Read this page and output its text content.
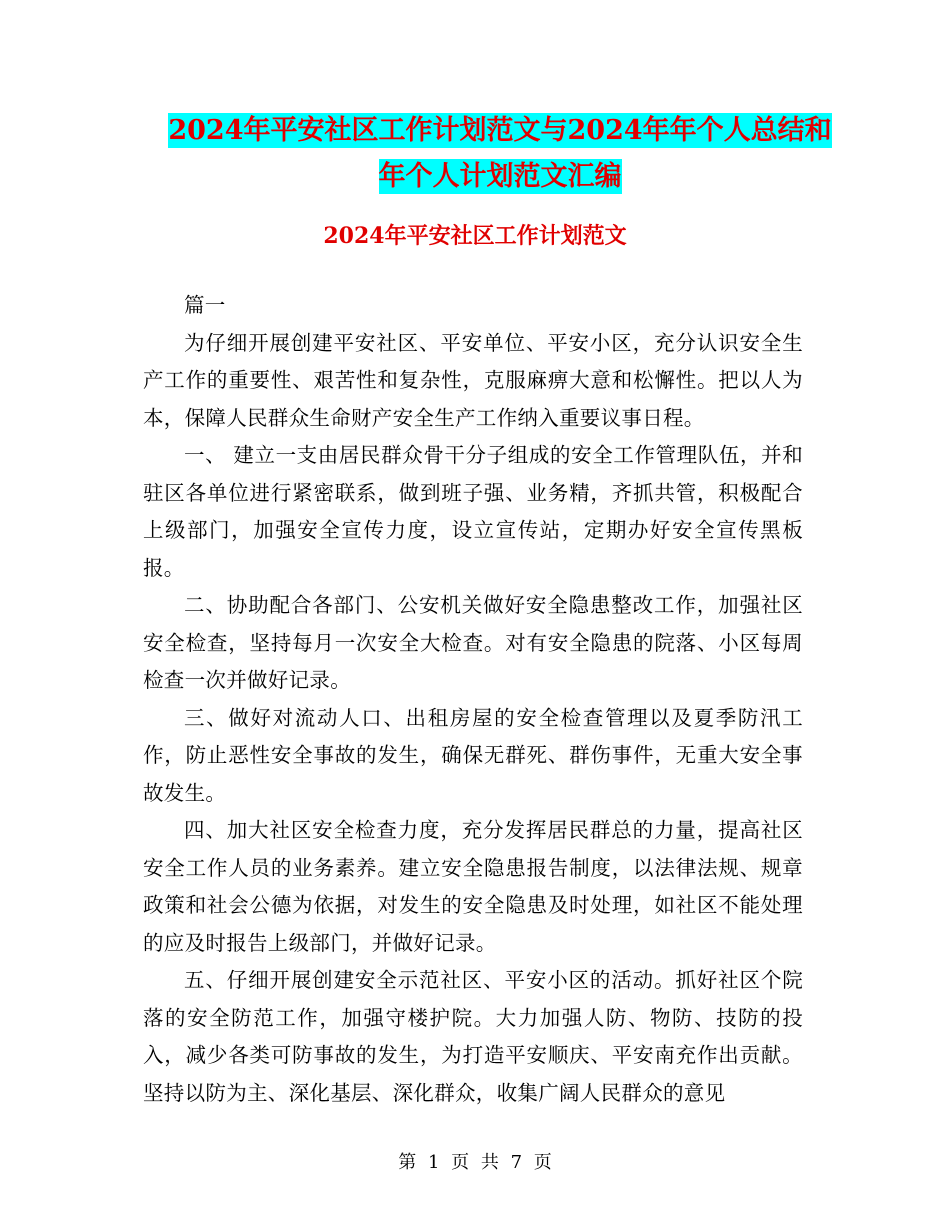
2024年平安社区工作计划范文与2024年年个人总结和
年个人计划范文汇编
2024年平安社区工作计划范文

篇一

为仔细开展创建平安社区、平安单位、平安小区，充分认识安全生产工作的重要性、艰苦性和复杂性，克服麻痹大意和松懈性。把以人为本，保障人民群众生命财产安全生产工作纳入重要议事日程。

一、 建立一支由居民群众骨干分子组成的安全工作管理队伍，并和驻区各单位进行紧密联系，做到班子强、业务精，齐抓共管，积极配合上级部门，加强安全宣传力度，设立宣传站，定期办好安全宣传黑板报。

二、协助配合各部门、公安机关做好安全隐患整改工作，加强社区安全检查，坚持每月一次安全大检查。对有安全隐患的院落、小区每周检查一次并做好记录。

三、做好对流动人口、出租房屋的安全检查管理以及夏季防汛工作，防止恶性安全事故的发生，确保无群死、群伤事件，无重大安全事故发生。

四、加大社区安全检查力度，充分发挥居民群总的力量，提高社区安全工作人员的业务素养。建立安全隐患报告制度，以法律法规、规章政策和社会公德为依据，对发生的安全隐患及时处理，如社区不能处理的应及时报告上级部门，并做好记录。

五、仔细开展创建安全示范社区、平安小区的活动。抓好社区个院落的安全防范工作，加强守楼护院。大力加强人防、物防、技防的投入，减少各类可防事故的发生，为打造平安顺庆、平安南充作出贡献。坚持以防为主、深化基层、深化群众，收集广阔人民群众的意见

第 1 页 共 7 页
